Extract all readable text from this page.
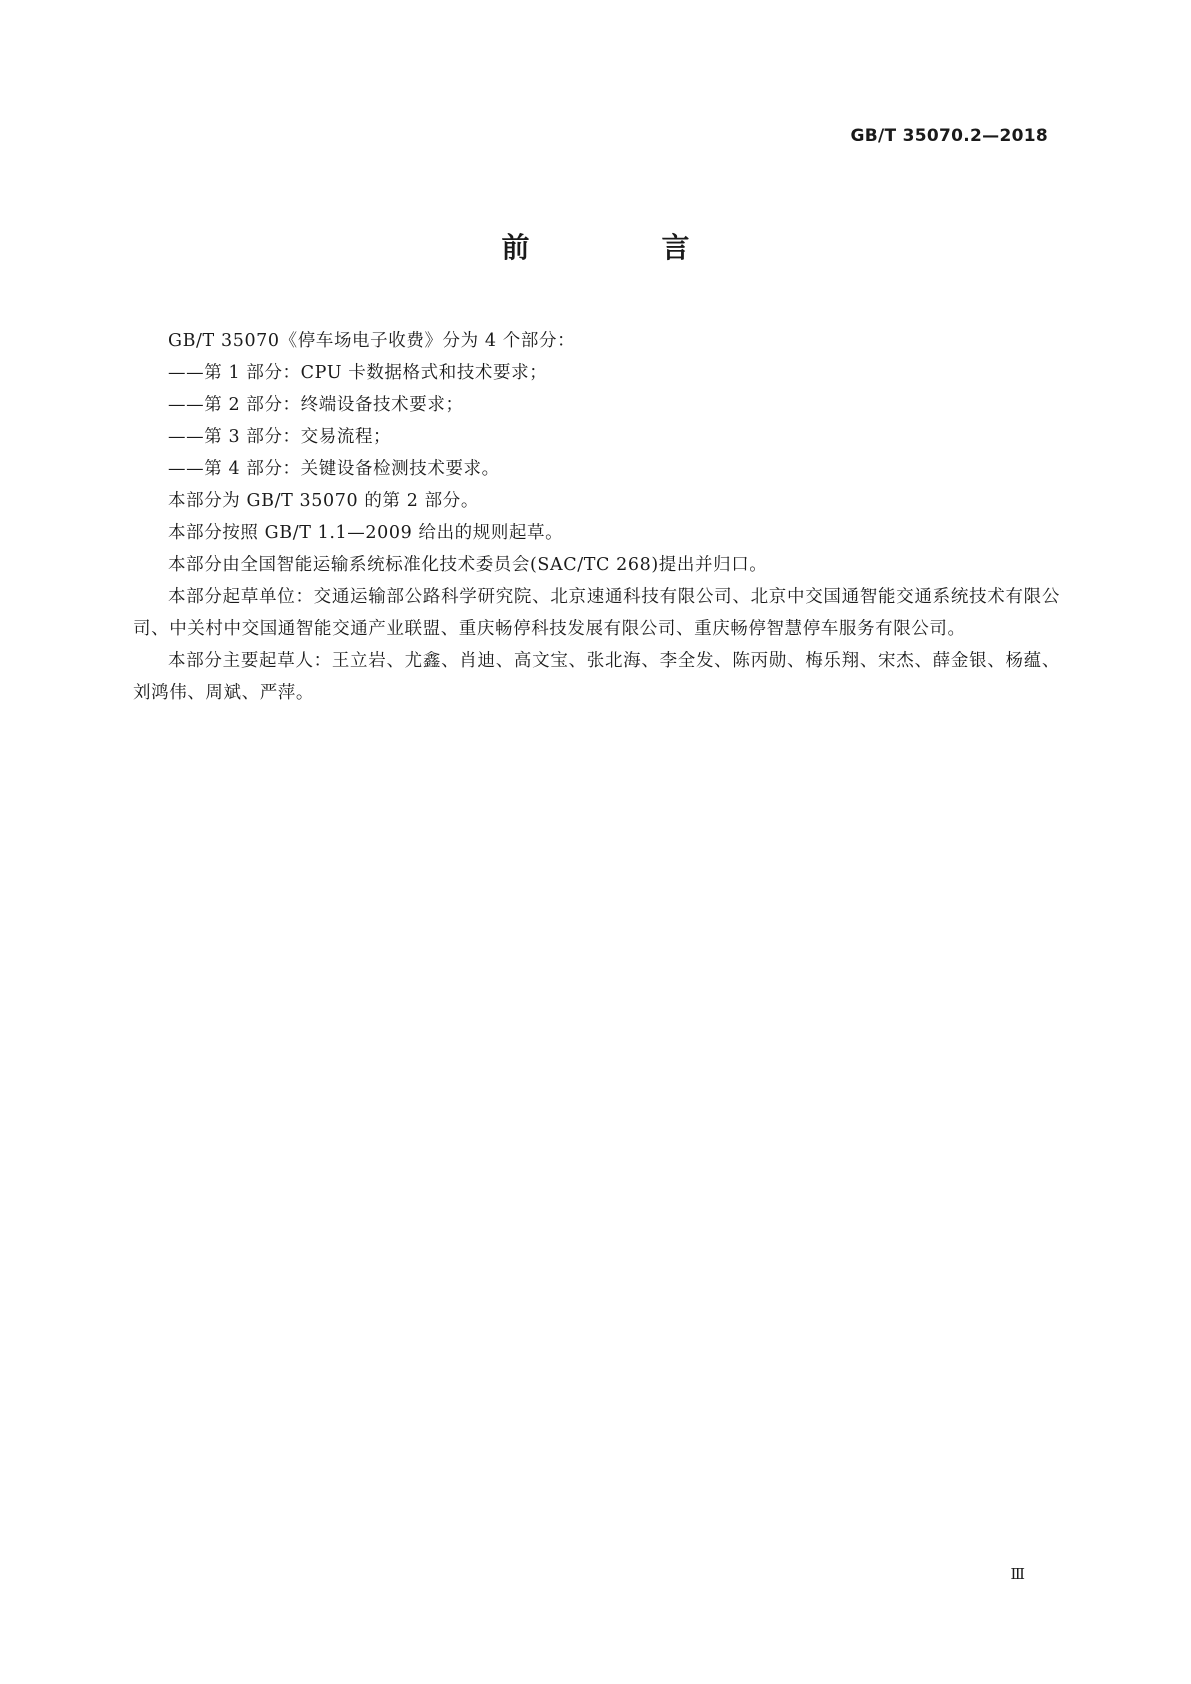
GB/T 35070.2—2018
前　言

GB/T 35070《停车场电子收费》分为 4 个部分：

——第 1 部分：CPU 卡数据格式和技术要求；

——第 2 部分：终端设备技术要求；

——第 3 部分：交易流程；

——第 4 部分：关键设备检测技术要求。

本部分为 GB/T 35070 的第 2 部分。

本部分按照 GB/T 1.1—2009 给出的规则起草。

本部分由全国智能运输系统标准化技术委员会(SAC/TC 268)提出并归口。

本部分起草单位：交通运输部公路科学研究院、北京速通科技有限公司、北京中交国通智能交通系统技术有限公司、中关村中交国通智能交通产业联盟、重庆畅停科技发展有限公司、重庆畅停智慧停车服务有限公司。

本部分主要起草人：王立岩、尤鑫、肖迪、高文宝、张北海、李全发、陈丙勋、梅乐翔、宋杰、薛金银、杨蕴、刘鸿伟、周斌、严萍。

Ⅲ
